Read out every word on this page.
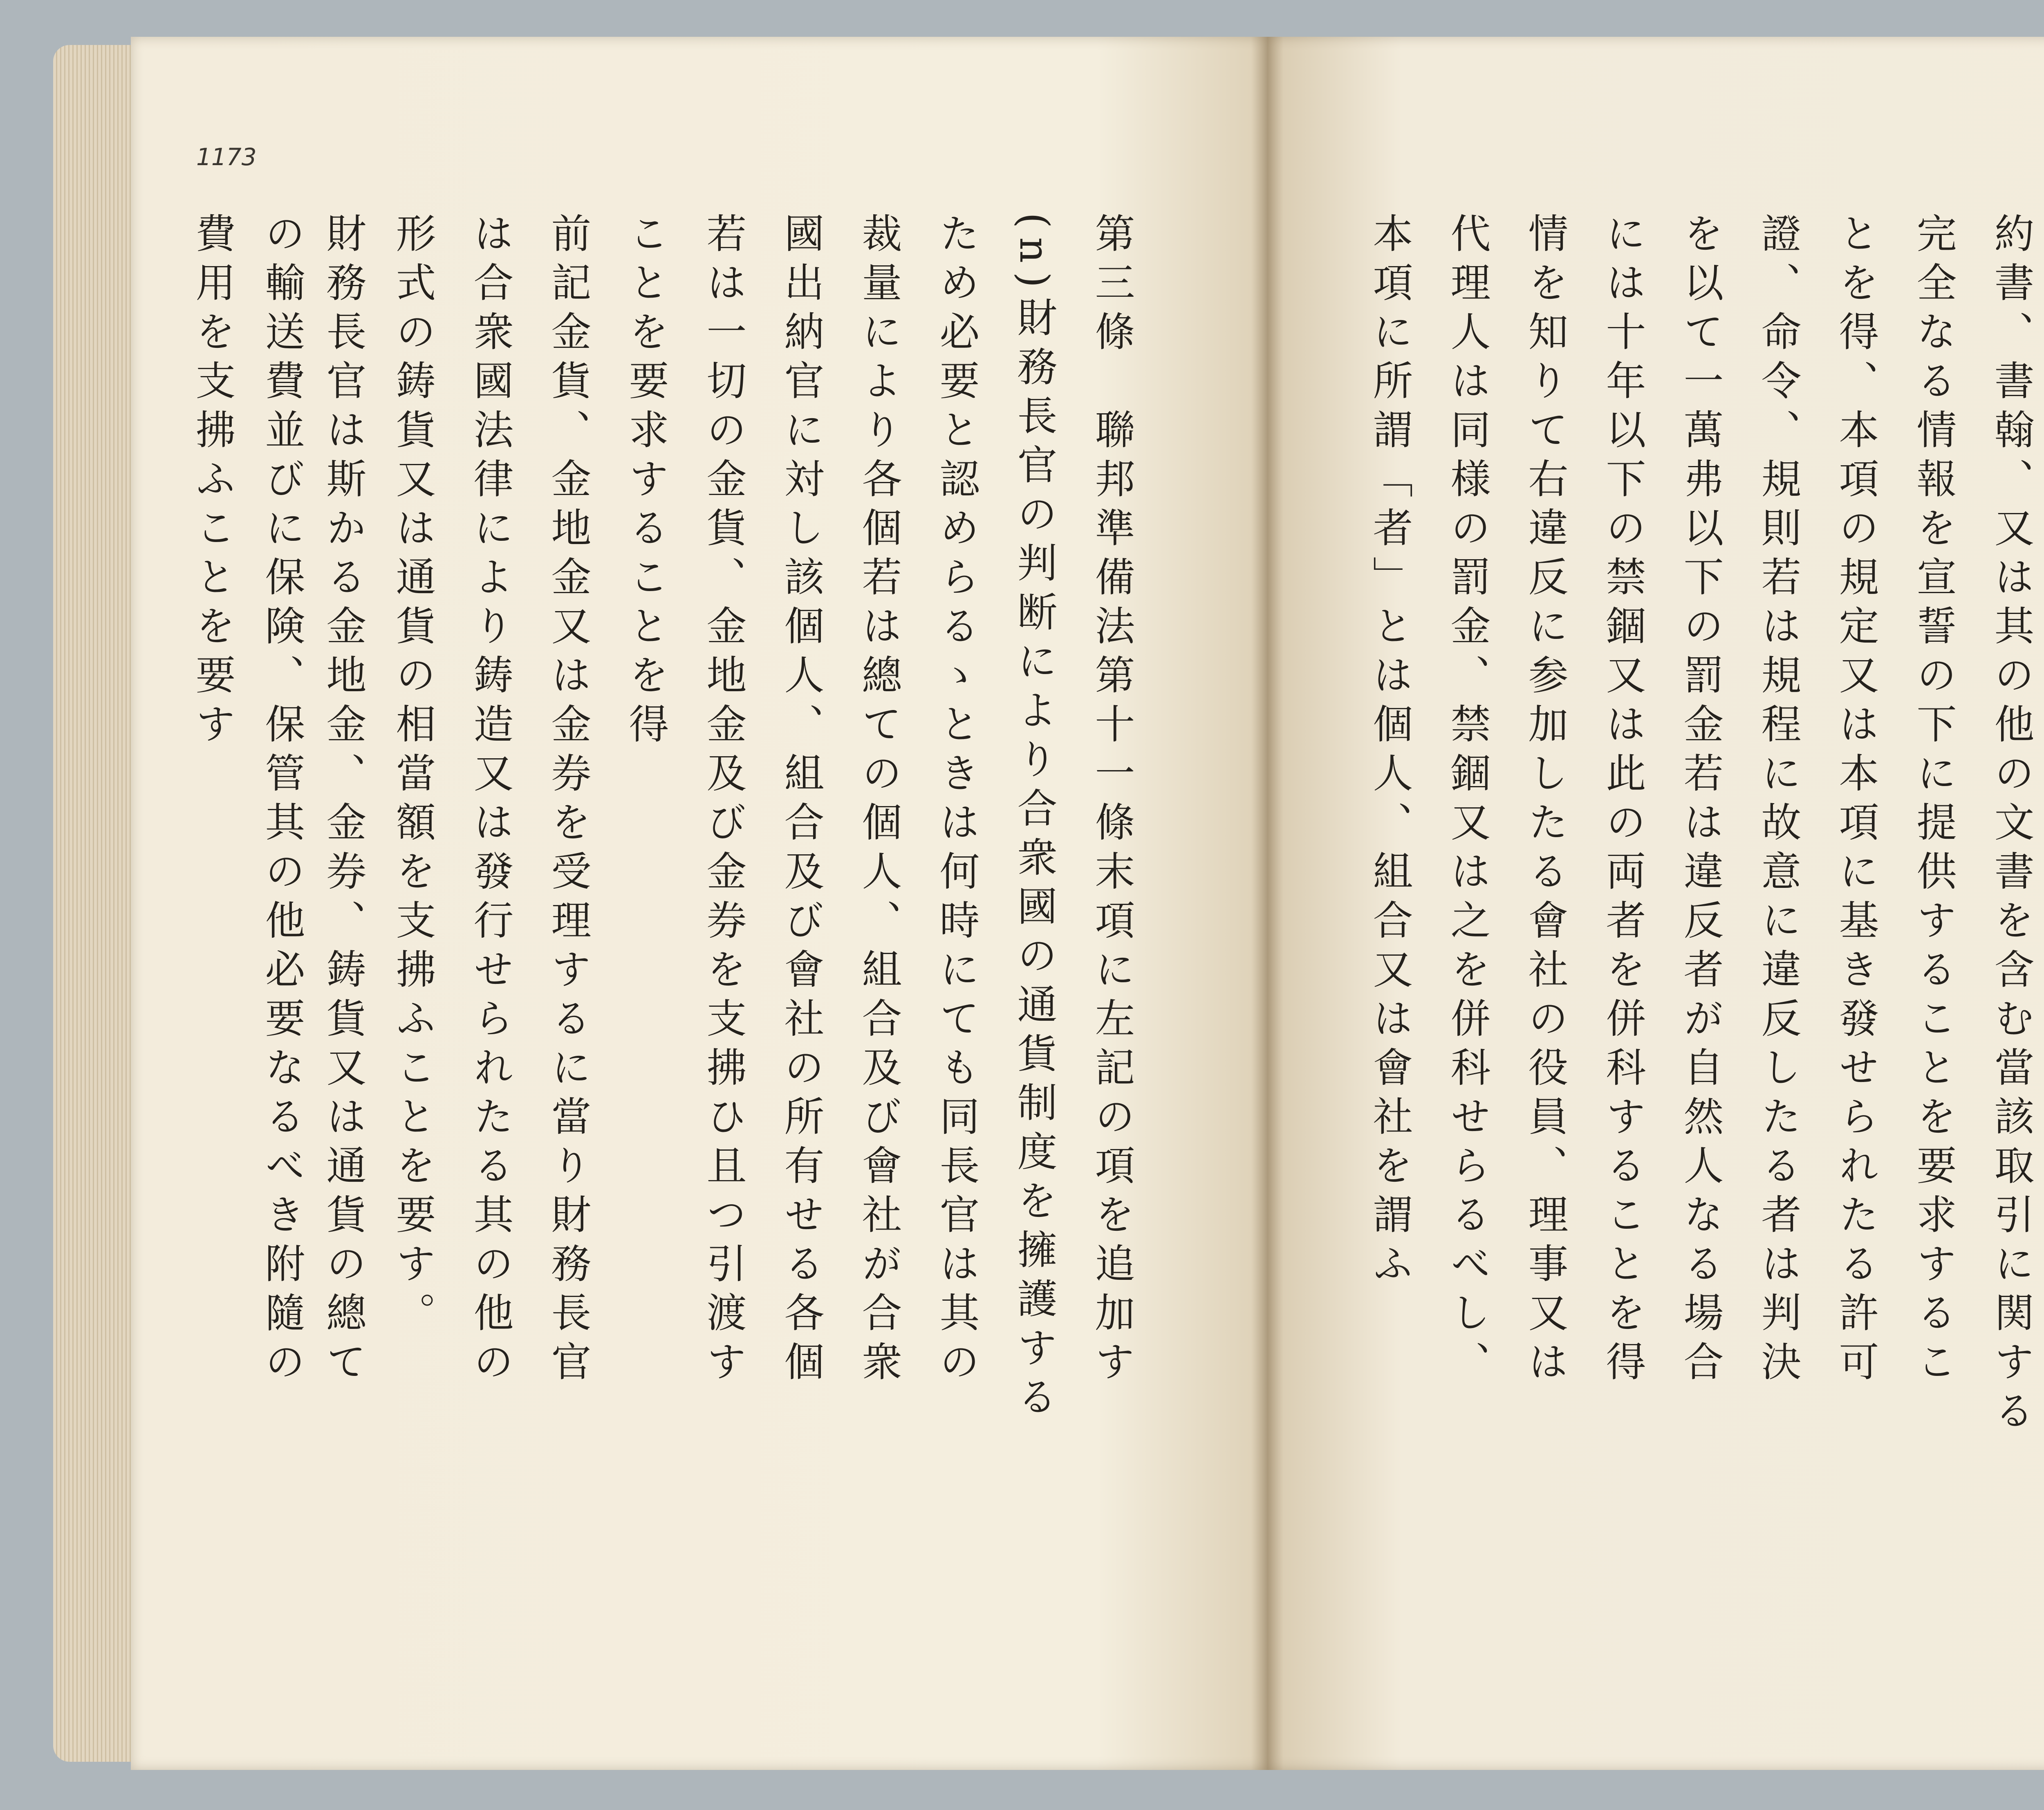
1173
第三條　聯邦準備法第十一條末項に左記の項を追加す
(n)財務長官の判断により合衆國の通貨制度を擁護する
ため必要と認めらるゝときは何時にても同長官は其の
裁量により各個若は總ての個人、組合及び會社が合衆
國出納官に対し該個人、組合及び會社の所有せる各個
若は一切の金貨、金地金及び金券を支拂ひ且つ引渡す
ことを要求することを得
前記金貨、金地金又は金券を受理するに當り財務長官
は合衆國法律により鋳造又は發行せられたる其の他の
形式の鋳貨又は通貨の相當額を支拂ふことを要す。
財務長官は斯かる金地金、金券、鋳貨又は通貨の總て
の輸送費並びに保険、保管其の他必要なるべき附隨の
費用を支拂ふことを要す	約書、書翰、又は其の他の文書を含む當該取引に関する
完全なる情報を宣誓の下に提供することを要求するこ
とを得、本項の規定又は本項に基き發せられたる許可
證、命令、規則若は規程に故意に違反したる者は判決
を以て一萬弗以下の罰金若は違反者が自然人なる場合
には十年以下の禁錮又は此の両者を併科することを得
情を知りて右違反に参加したる會社の役員、理事又は
代理人は同様の罰金、禁錮又は之を併科せらるべし、
本項に所謂「者」とは個人、組合又は會社を謂ふ
